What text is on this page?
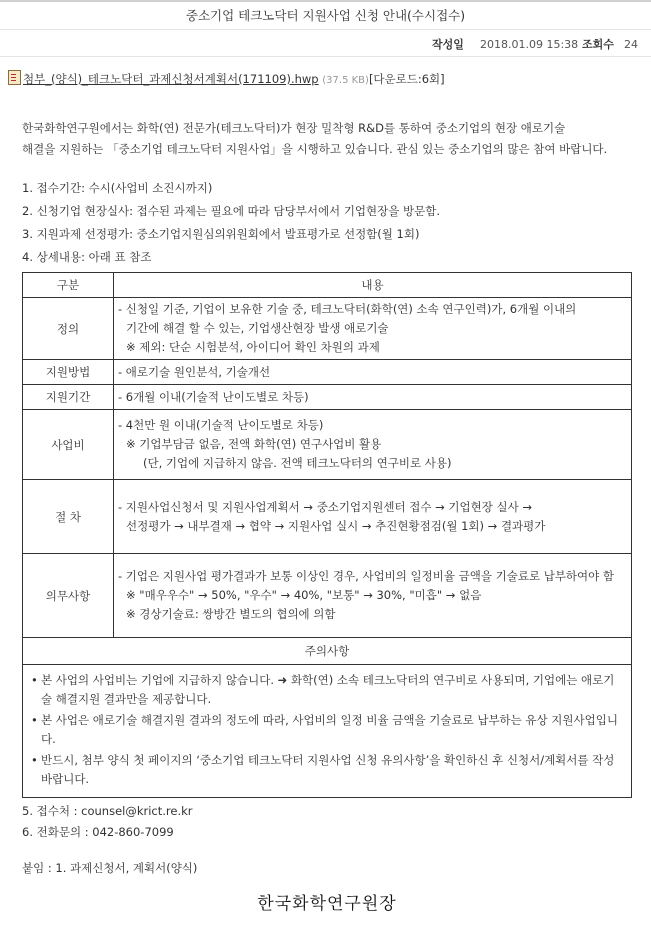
중소기업 테크노닥터 지원사업 신청 안내(수시접수)
작성일 2018.01.09 15:38 조회수 24
첨부_(양식)_테크노닥터_과제신청서계획서(171109).hwp (37.5 KB)[다운로드:6회]

한국화학연구원에서는 화학(연) 전문가(테크노닥터)가 현장 밀착형 R&D를 통하여 중소기업의 현장 애로기술

해결을 지원하는 「중소기업 테크노닥터 지원사업」을 시행하고 있습니다. 관심 있는 중소기업의 많은 참여 바랍니다.

1. 접수기간: 수시(사업비 소진시까지)

2. 신청기업 현장실사: 접수된 과제는 필요에 따라 담당부서에서 기업현장을 방문함.

3. 지원과제 선정평가: 중소기업지원심의위원회에서 발표평가로 선정함(월 1회)

4. 상세내용: 아래 표 참조

구분	내용
정의	- 신청일 기준, 기업이 보유한 기술 중, 테크노닥터(화학(연) 소속 연구인력)가, 6개월 이내의
기간에 해결 할 수 있는, 기업생산현장 발생 애로기술
※ 제외: 단순 시험분석, 아이디어 확인 차원의 과제

지원방법	- 애로기술 원인분석, 기술개선

지원기간	- 6개월 이내(기술적 난이도별로 차등)

사업비	- 4천만 원 이내(기술적 난이도별로 차등)
※ 기업부담금 없음, 전액 화학(연) 연구사업비 활용
(단, 기업에 지급하지 않음. 전액 테크노닥터의 연구비로 사용)

절 차	- 지원사업신청서 및 지원사업계획서 → 중소기업지원센터 접수 → 기업현장 실사 →
선정평가 → 내부결재 → 협약 → 지원사업 실시 → 추진현황점검(월 1회) → 결과평가

의무사항	- 기업은 지원사업 평가결과가 보통 이상인 경우, 사업비의 일정비율 금액을 기술료로 납부하여야 함
※ "매우우수" → 50%, "우수" → 40%, "보통" → 30%, "미흡" → 없음
※ 경상기술료: 쌍방간 별도의 협의에 의함

주의사항	

• 본 사업의 사업비는 기업에 지급하지 않습니다. ➜ 화학(연) 소속 테크노닥터의 연구비로 사용되며, 기업에는 애로기술 해결지원 결과만을 제공합니다.
• 본 사업은 애로기술 해결지원 결과의 정도에 따라, 사업비의 일정 비율 금액을 기술료로 납부하는 유상 지원사업입니다.
• 반드시, 첨부 양식 첫 페이지의 ‘중소기업 테크노닥터 지원사업 신청 유의사항’을 확인하신 후 신청서/계획서를 작성 바랍니다.

5. 접수처 : counsel@krict.re.kr

6. 전화문의 : 042-860-7099

붙임 : 1. 과제신청서, 계획서(양식)

한국화학연구원장
